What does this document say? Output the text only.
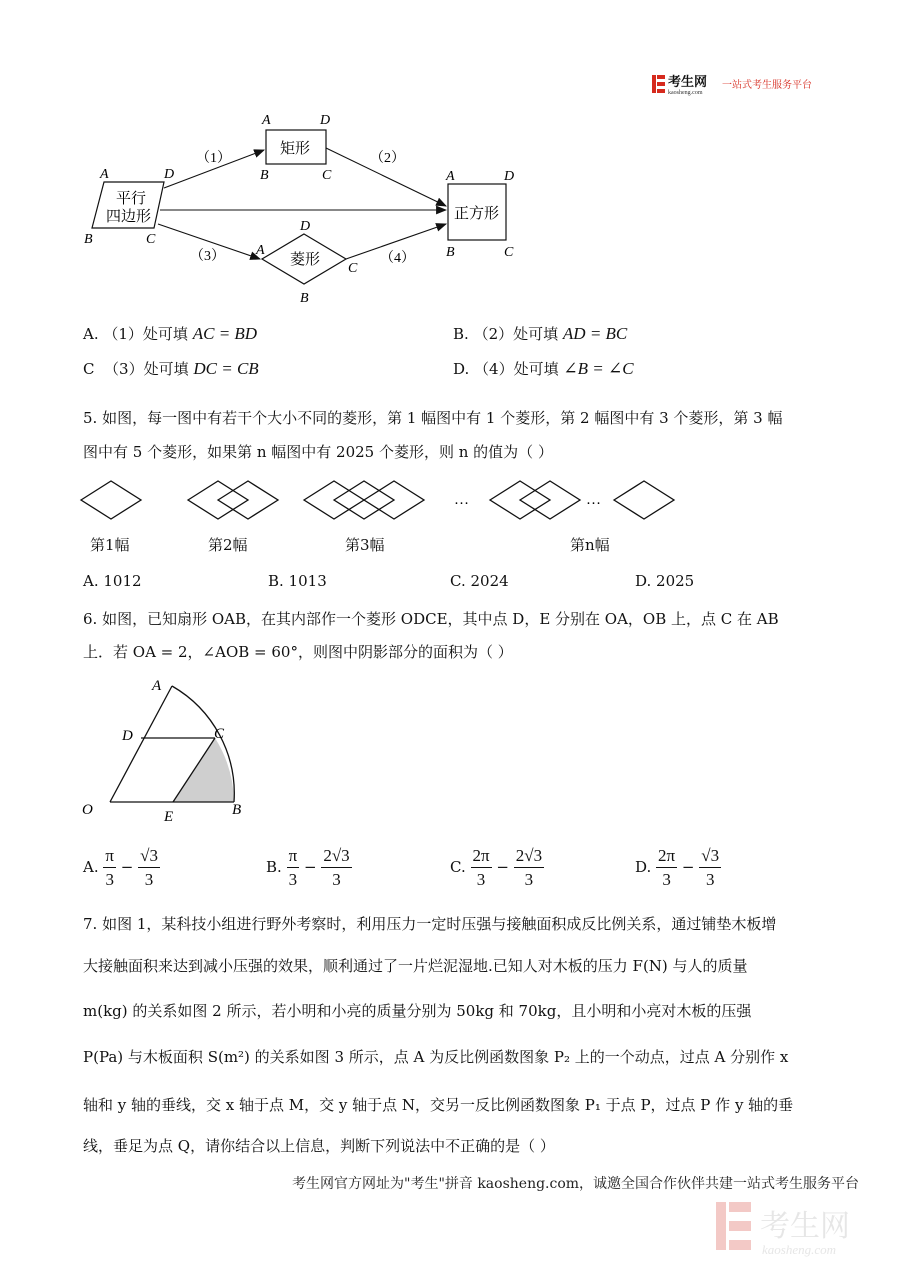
考生网
kaosheng.com
一站式考生服务平台
平行
四边形
A	D
B	C
矩形
A	D
B	C
菱形
D
A
C
B
正方形
A	D
B	C
（1）	（2）
（3）	（4）
A. （1）处可填 AC = BD	B. （2）处可填 AD = BC
C （3）处可填 DC = CB	D. （4）处可填 ∠B = ∠C
5. 如图，每一图中有若干个大小不同的菱形，第 1 幅图中有 1 个菱形，第 2 幅图中有 3 个菱形，第 3 幅
图中有 5 个菱形，如果第 n 幅图中有 2025 个菱形，则 n 的值为（ ）
…	…
第1幅	第2幅	第3幅	第n幅
A. 1012	B. 1013	C. 2024	D. 2025
6. 如图，已知扇形 OAB，在其内部作一个菱形 ODCE，其中点 D，E 分别在 OA，OB 上，点 C 在 AB
上．若 OA = 2，∠AOB = 60°，则图中阴影部分的面积为（ ）
A
D	C
O	E	B
A. $\frac{\pi}{3} - \frac{√3}{3}$	B. $\frac{\pi}{3} - \frac{2√3}{3}$	C. $\frac{2\pi}{3} - \frac{2√3}{3}$	D. $\frac{2\pi}{3} - \frac{√3}{3}$
7. 如图 1，某科技小组进行野外考察时，利用压力一定时压强与接触面积成反比例关系，通过铺垫木板增
大接触面积来达到减小压强的效果，顺利通过了一片烂泥湿地.已知人对木板的压力 F(N) 与人的质量
m(kg) 的关系如图 2 所示，若小明和小亮的质量分别为 50kg 和 70kg，且小明和小亮对木板的压强
P(Pa) 与木板面积 S(m²) 的关系如图 3 所示，点 A 为反比例函数图象 P₂ 上的一个动点，过点 A 分别作 x
轴和 y 轴的垂线，交 x 轴于点 M，交 y 轴于点 N，交另一反比例函数图象 P₁ 于点 P，过点 P 作 y 轴的垂
线，垂足为点 Q，请你结合以上信息，判断下列说法中不正确的是（ ）
考生网官方网址为"考生"拼音 kaosheng.com，诚邀全国合作伙伴共建一站式考生服务平台
考生网
kaosheng.com
